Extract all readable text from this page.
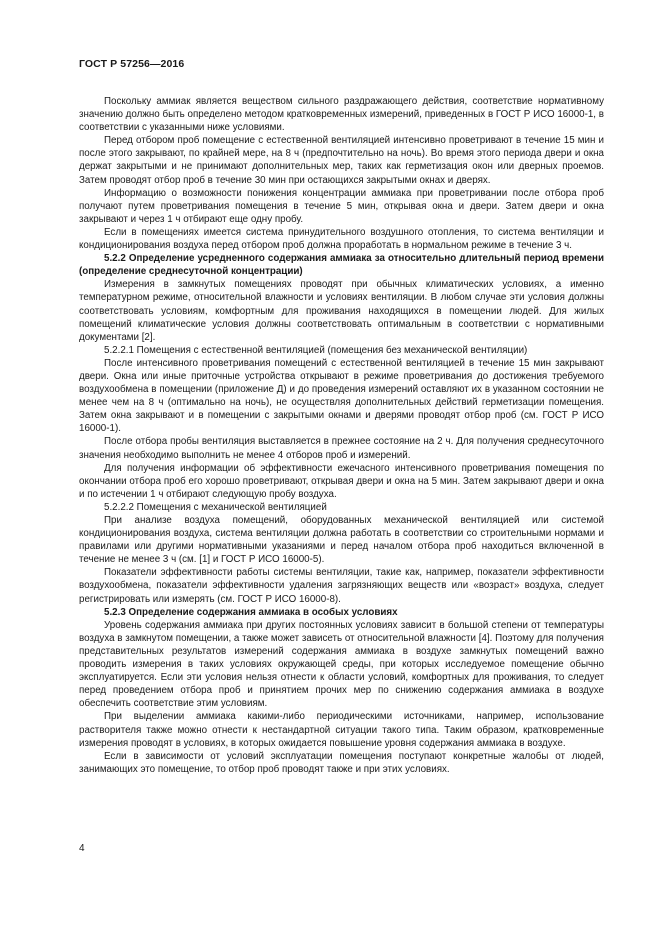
ГОСТ Р 57256—2016

Поскольку аммиак является веществом сильного раздражающего действия, соответствие нормативному значению должно быть определено методом кратковременных измерений, приведенных в ГОСТ Р ИСО 16000-1, в соответствии с указанными ниже условиями.

Перед отбором проб помещение с естественной вентиляцией интенсивно проветривают в течение 15 мин и после этого закрывают, по крайней мере, на 8 ч (предпочтительно на ночь). Во время этого периода двери и окна держат закрытыми и не принимают дополнительных мер, таких как герметизация окон или дверных проемов. Затем проводят отбор проб в течение 30 мин при остающихся закрытыми окнах и дверях.

Информацию о возможности понижения концентрации аммиака при проветривании после отбора проб получают путем проветривания помещения в течение 5 мин, открывая окна и двери. Затем двери и окна закрывают и через 1 ч отбирают еще одну пробу.

Если в помещениях имеется система принудительного воздушного отопления, то система вентиляции и кондиционирования воздуха перед отбором проб должна проработать в нормальном режиме в течение 3 ч.

5.2.2 Определение усредненного содержания аммиака за относительно длительный период времени (определение среднесуточной концентрации)

Измерения в замкнутых помещениях проводят при обычных климатических условиях, а именно температурном режиме, относительной влажности и условиях вентиляции. В любом случае эти условия должны соответствовать условиям, комфортным для проживания находящихся в помещении людей. Для жилых помещений климатические условия должны соответствовать оптимальным в соответствии с нормативными документами [2].

5.2.2.1 Помещения с естественной вентиляцией (помещения без механической вентиляции)

После интенсивного проветривания помещений с естественной вентиляцией в течение 15 мин закрывают двери. Окна или иные приточные устройства открывают в режиме проветривания до достижения требуемого воздухообмена в помещении (приложение Д) и до проведения измерений оставляют их в указанном состоянии не менее чем на 8 ч (оптимально на ночь), не осуществляя дополнительных действий герметизации помещения. Затем окна закрывают и в помещении с закрытыми окнами и дверями проводят отбор проб (см. ГОСТ Р ИСО 16000-1).

После отбора пробы вентиляция выставляется в прежнее состояние на 2 ч. Для получения среднесуточного значения необходимо выполнить не менее 4 отборов проб и измерений.

Для получения информации об эффективности ежечасного интенсивного проветривания помещения по окончании отбора проб его хорошо проветривают, открывая двери и окна на 5 мин. Затем закрывают двери и окна и по истечении 1 ч отбирают следующую пробу воздуха.

5.2.2.2 Помещения с механической вентиляцией

При анализе воздуха помещений, оборудованных механической вентиляцией или системой кондиционирования воздуха, система вентиляции должна работать в соответствии со строительными нормами и правилами или другими нормативными указаниями и перед началом отбора проб находиться включенной в течение не менее 3 ч (см. [1] и ГОСТ Р ИСО 16000-5).

Показатели эффективности работы системы вентиляции, такие как, например, показатели эффективности воздухообмена, показатели эффективности удаления загрязняющих веществ или «возраст» воздуха, следует регистрировать или измерять (см. ГОСТ Р ИСО 16000-8).

5.2.3 Определение содержания аммиака в особых условиях

Уровень содержания аммиака при других постоянных условиях зависит в большой степени от температуры воздуха в замкнутом помещении, а также может зависеть от относительной влажности [4]. Поэтому для получения представительных результатов измерений содержания аммиака в воздухе замкнутых помещений важно проводить измерения в таких условиях окружающей среды, при которых исследуемое помещение обычно эксплуатируется. Если эти условия нельзя отнести к области условий, комфортных для проживания, то следует перед проведением отбора проб и принятием прочих мер по снижению содержания аммиака в воздухе обеспечить соответствие этим условиям.

При выделении аммиака какими-либо периодическими источниками, например, использование растворителя также можно отнести к нестандартной ситуации такого типа. Таким образом, кратковременные измерения проводят в условиях, в которых ожидается повышение уровня содержания аммиака в воздухе.

Если в зависимости от условий эксплуатации помещения поступают конкретные жалобы от людей, занимающих это помещение, то отбор проб проводят также и при этих условиях.

4
